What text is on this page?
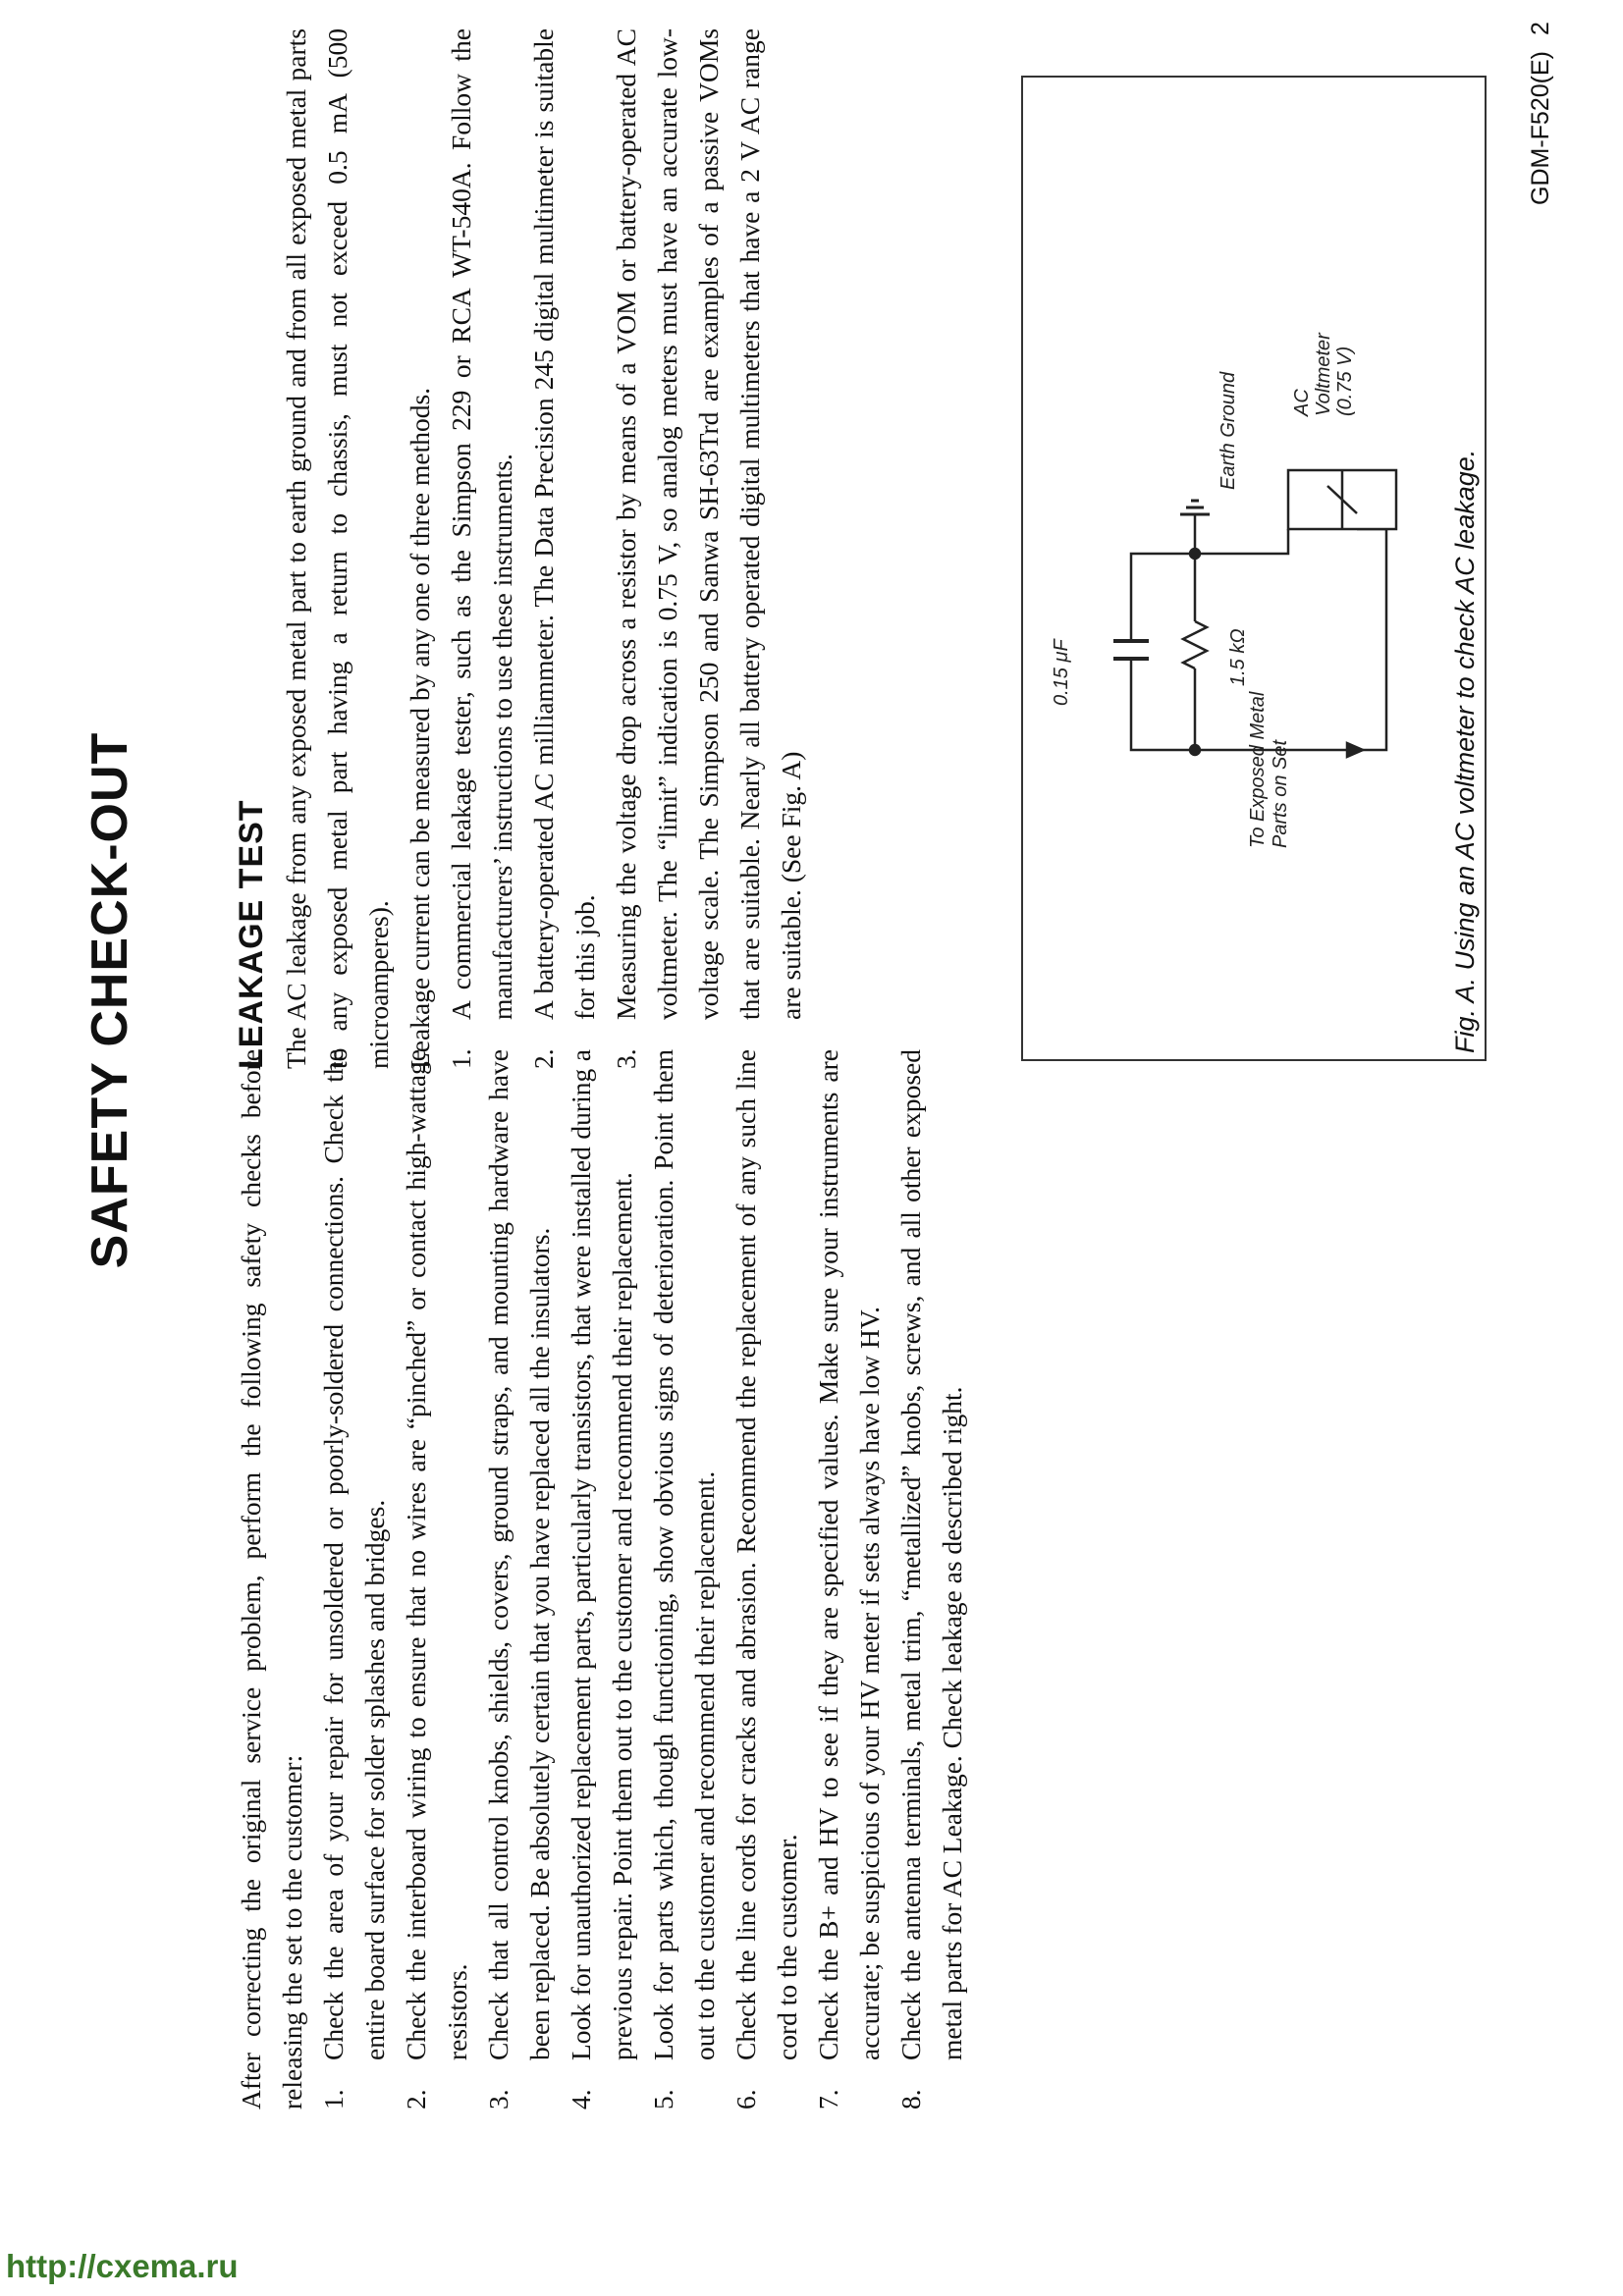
SAFETY CHECK-OUT

After correcting the original service problem, perform the following safety checks before releasing the set to the customer: 1.
Check the area of your repair for unsoldered or poorly-soldered connections. Check the entire board surface for solder splashes and bridges.
2.
Check the interboard wiring to ensure that no wires are “pinched” or contact high-wattage resistors.
3.
Check that all control knobs, shields, covers, ground straps, and mounting hardware have been replaced. Be absolutely certain that you have replaced all the insulators.
4.
Look for unauthorized replacement parts, particularly transistors, that were installed during a previous repair. Point them out to the customer and recommend their replacement.
5.
Look for parts which, though functioning, show obvious signs of deterioration. Point them out to the customer and recommend their replacement.
6.
Check the line cords for cracks and abrasion. Recommend the replacement of any such line cord to the customer.
7.
Check the B+ and HV to see if they are specified values. Make sure your instruments are accurate; be suspicious of your HV meter if sets always have low HV.
8.
Check the antenna terminals, metal trim, “metallized” knobs, screws, and all other exposed metal parts for AC Leakage. Check leakage as described right.
LEAKAGE TEST The AC leakage from any exposed metal part to earth ground and from all exposed metal parts to any exposed metal part having a return to chassis, must not exceed 0.5 mA (500 microamperes). Leakage current can be measured by any one of three methods. 1.
A commercial leakage tester, such as the Simpson 229 or RCA WT-540A. Follow the manufacturers’ instructions to use these instruments.
2.
A battery-operated AC milliammeter. The Data Precision 245 digital multimeter is suitable for this job.
3.
Measuring the voltage drop across a resistor by means of a VOM or battery-operated AC voltmeter. The “limit” indication is 0.75 V, so analog meters must have an accurate low-voltage scale. The Simpson 250 and Sanwa SH-63Trd are examples of a passive VOMs that are suitable. Nearly all battery operated digital multimeters that have a 2 V AC range are suitable. (See Fig. A)
0.15 μF	1.5 kΩ
To Exposed Metal Parts on Set
AC Voltmeter (0.75 V)
Earth Ground
Fig. A. Using an AC voltmeter to check AC leakage.
GDM-F520(E)2
http://cxema.ru
